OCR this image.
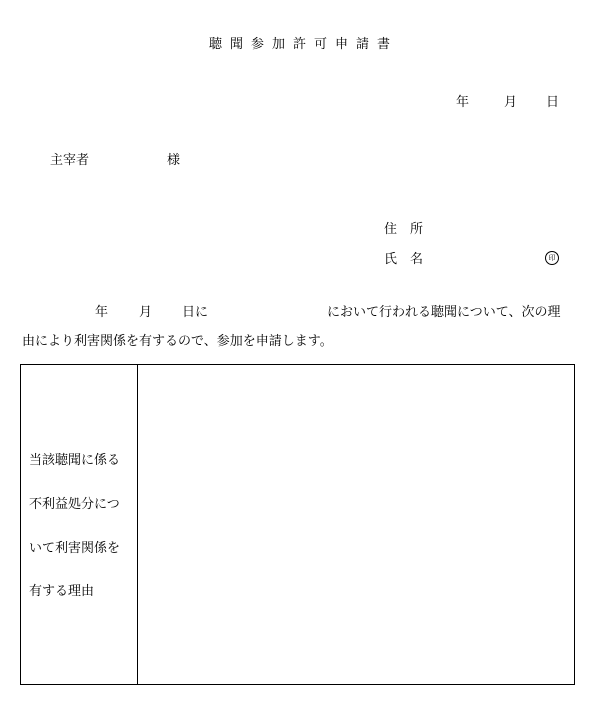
聴聞参加許可申請書
年	月 日
主宰者	様
住　所
氏　名	印
年 月 日に	において行われる聴聞について、次の理
由により利害関係を有するので、参加を申請します。
当該聴聞に係る
不利益処分につ
いて利害関係を
有する理由
